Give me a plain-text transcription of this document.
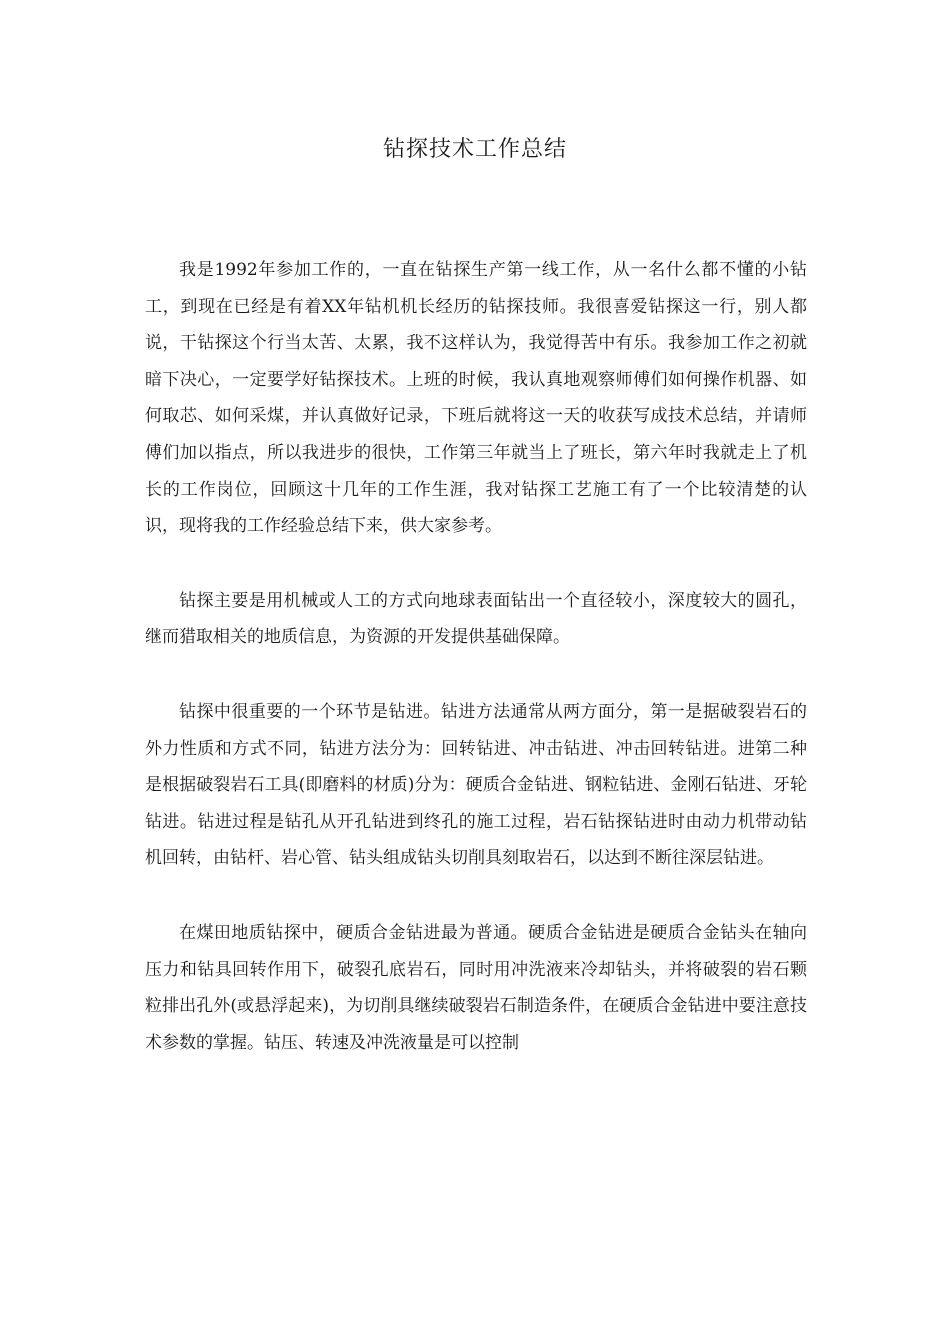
钻探技术工作总结

我是1992年参加工作的，一直在钻探生产第一线工作，从一名什么都不懂的小钻工，到现在已经是有着XX年钻机机长经历的钻探技师。我很喜爱钻探这一行，别人都说，干钻探这个行当太苦、太累，我不这样认为，我觉得苦中有乐。我参加工作之初就暗下决心，一定要学好钻探技术。上班的时候，我认真地观察师傅们如何操作机器、如何取芯、如何采煤，并认真做好记录，下班后就将这一天的收获写成技术总结，并请师傅们加以指点，所以我进步的很快，工作第三年就当上了班长，第六年时我就走上了机长的工作岗位，回顾这十几年的工作生涯，我对钻探工艺施工有了一个比较清楚的认识，现将我的工作经验总结下来，供大家参考。

钻探主要是用机械或人工的方式向地球表面钻出一个直径较小，深度较大的圆孔，继而猎取相关的地质信息，为资源的开发提供基础保障。

钻探中很重要的一个环节是钻进。钻进方法通常从两方面分，第一是据破裂岩石的外力性质和方式不同，钻进方法分为：回转钻进、冲击钻进、冲击回转钻进。进第二种是根据破裂岩石工具(即磨料的材质)分为：硬质合金钻进、钢粒钻进、金刚石钻进、牙轮钻进。钻进过程是钻孔从开孔钻进到终孔的施工过程，岩石钻探钻进时由动力机带动钻机回转，由钻杆、岩心管、钻头组成钻头切削具刻取岩石，以达到不断往深层钻进。

在煤田地质钻探中，硬质合金钻进最为普通。硬质合金钻进是硬质合金钻头在轴向压力和钻具回转作用下，破裂孔底岩石，同时用冲洗液来冷却钻头，并将破裂的岩石颗粒排出孔外(或悬浮起来)，为切削具继续破裂岩石制造条件，在硬质合金钻进中要注意技术参数的掌握。钻压、转速及冲洗液量是可以控制
